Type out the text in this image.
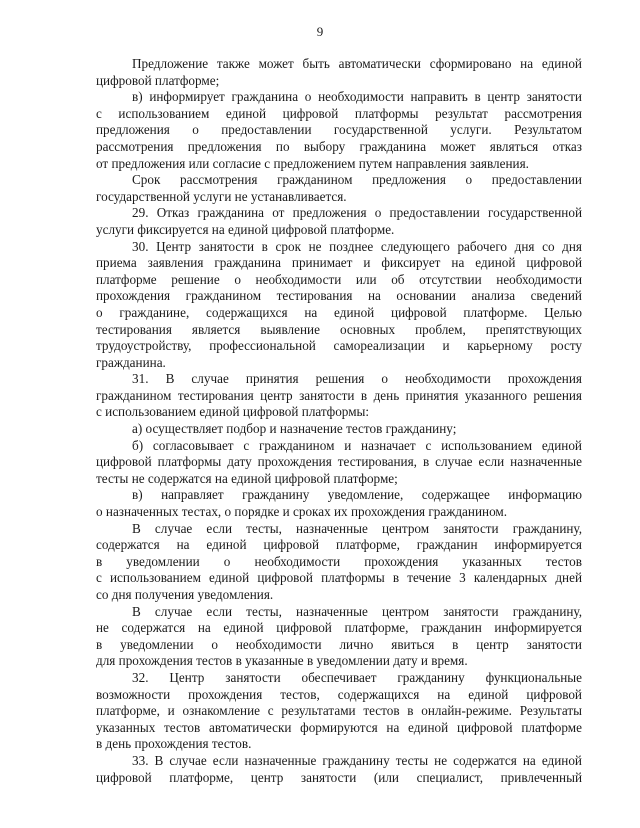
9
Предложение также может быть автоматически сформировано на единой
цифровой платформе;
в) информирует гражданина о необходимости направить в центр занятости
с использованием единой цифровой платформы результат рассмотрения
предложения о предоставлении государственной услуги. Результатом
рассмотрения предложения по выбору гражданина может являться отказ
от предложения или согласие с предложением путем направления заявления.
Срок рассмотрения гражданином предложения о предоставлении
государственной услуги не устанавливается.
29. Отказ гражданина от предложения о предоставлении государственной
услуги фиксируется на единой цифровой платформе.
30. Центр занятости в срок не позднее следующего рабочего дня со дня
приема заявления гражданина принимает и фиксирует на единой цифровой
платформе решение о необходимости или об отсутствии необходимости
прохождения гражданином тестирования на основании анализа сведений
о гражданине, содержащихся на единой цифровой платформе. Целью
тестирования является выявление основных проблем, препятствующих
трудоустройству, профессиональной самореализации и карьерному росту
гражданина.
31. В случае принятия решения о необходимости прохождения
гражданином тестирования центр занятости в день принятия указанного решения
с использованием единой цифровой платформы:
а) осуществляет подбор и назначение тестов гражданину;
б) согласовывает с гражданином и назначает с использованием единой
цифровой платформы дату прохождения тестирования, в случае если назначенные
тесты не содержатся на единой цифровой платформе;
в) направляет гражданину уведомление, содержащее информацию
о назначенных тестах, о порядке и сроках их прохождения гражданином.
В случае если тесты, назначенные центром занятости гражданину,
содержатся на единой цифровой платформе, гражданин информируется
в уведомлении о необходимости прохождения указанных тестов
с использованием единой цифровой платформы в течение 3 календарных дней
со дня получения уведомления.
В случае если тесты, назначенные центром занятости гражданину,
не содержатся на единой цифровой платформе, гражданин информируется
в уведомлении о необходимости лично явиться в центр занятости
для прохождения тестов в указанные в уведомлении дату и время.
32. Центр занятости обеспечивает гражданину функциональные
возможности прохождения тестов, содержащихся на единой цифровой
платформе, и ознакомление с результатами тестов в онлайн-режиме. Результаты
указанных тестов автоматически формируются на единой цифровой платформе
в день прохождения тестов.
33. В случае если назначенные гражданину тесты не содержатся на единой
цифровой платформе, центр занятости (или специалист, привлеченный
